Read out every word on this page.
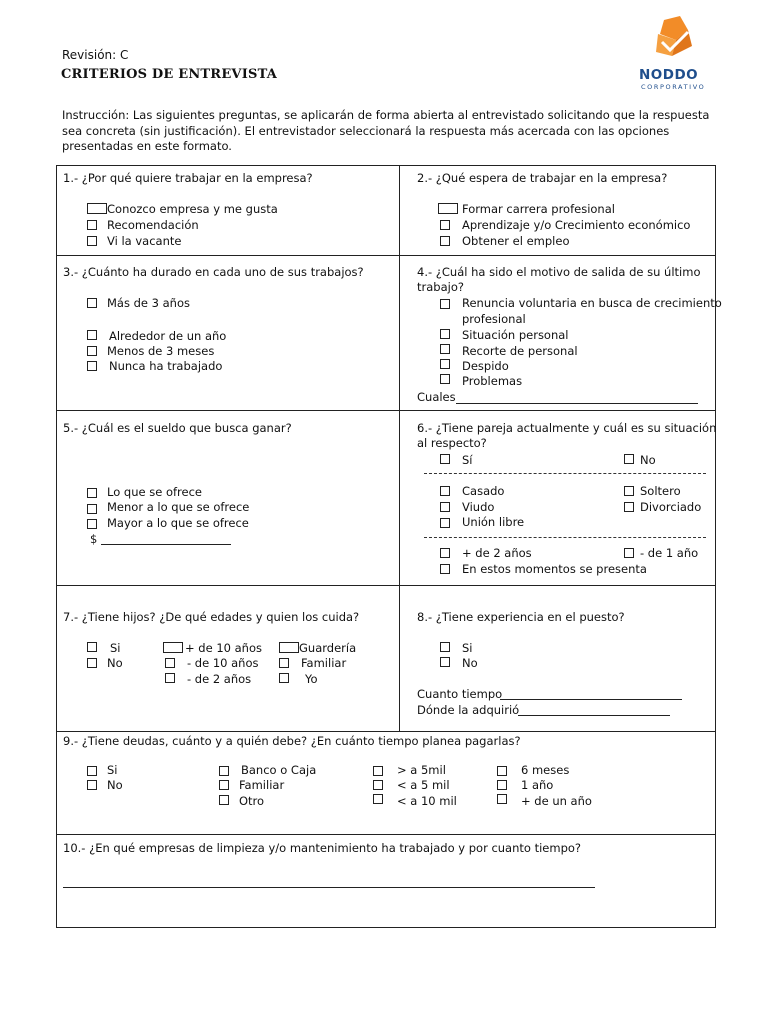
Revisión: C
CRITERIOS DE ENTREVISTA	NODDO
CORPORATIVO
Instrucción: Las siguientes preguntas, se aplicarán de forma abierta al entrevistado solicitando que la respuesta sea concreta (sin justificación). El entrevistador seleccionará la respuesta más acercada con las opciones presentadas en este formato.
1.- ¿Por qué quiere trabajar en la empresa?
Conozco empresa y me gusta
Recomendación
Vi la vacante
2.- ¿Qué espera de trabajar en la empresa?
Formar carrera profesional
Aprendizaje y/o Crecimiento económico
Obtener el empleo
3.- ¿Cuánto ha durado en cada uno de sus trabajos?
Más de 3 años
Alrededor de un año
Menos de 3 meses
Nunca ha trabajado
4.- ¿Cuál ha sido el motivo de salida de su último
trabajo?
Renuncia voluntaria en busca de crecimiento
profesional
Situación personal
Recorte de personal
Despido
Problemas
Cuales
5.- ¿Cuál es el sueldo que busca ganar?
Lo que se ofrece
Menor a lo que se ofrece
Mayor a lo que se ofrece
$
6.- ¿Tiene pareja actualmente y cuál es su situación
al respecto?
Sí	No
Casado	Soltero
Viudo	Divorciado
Unión libre
+ de 2 años	- de 1 año
En estos momentos se presenta
7.- ¿Tiene hijos? ¿De qué edades y quien los cuida?
Si
No
+ de 10 años
- de 10 años
- de 2 años
Guardería
Familiar
Yo
8.- ¿Tiene experiencia en el puesto?
Si
No
Cuanto tiempo
Dónde la adquirió
9.- ¿Tiene deudas, cuánto y a quién debe? ¿En cuánto tiempo planea pagarlas?
Si
No
Banco o Caja
Familiar
Otro
> a 5mil
< a 5 mil
< a 10 mil
6 meses
1 año
+ de un año
10.- ¿En qué empresas de limpieza y/o mantenimiento ha trabajado y por cuanto tiempo?
